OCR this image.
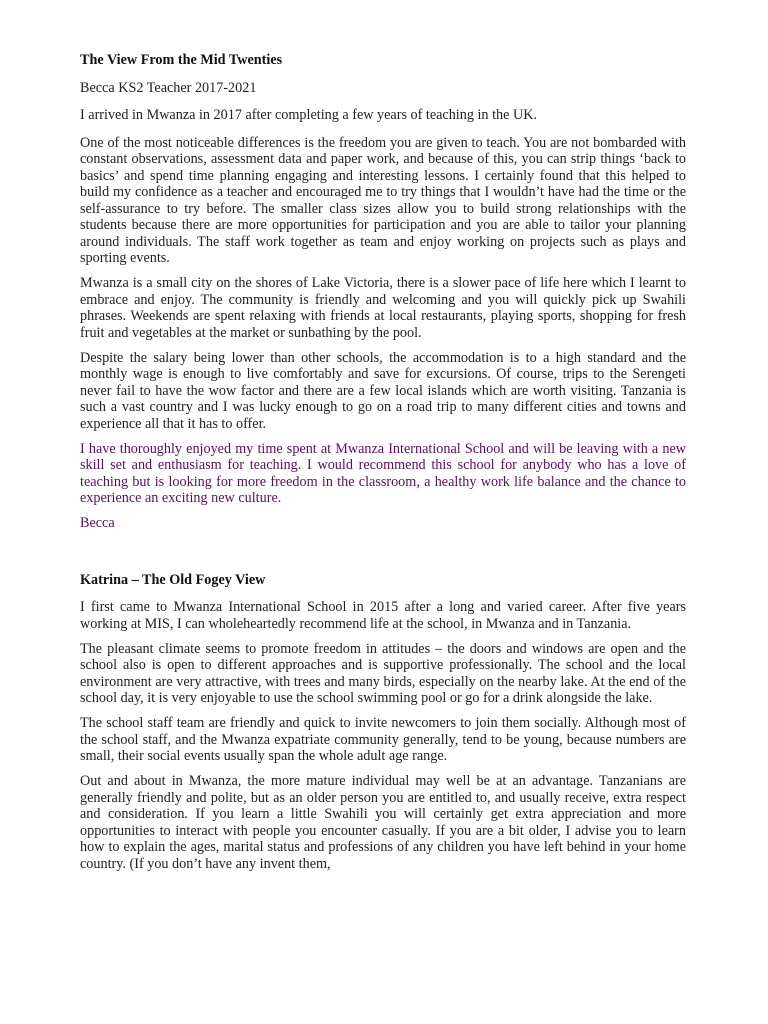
The View From the Mid Twenties

Becca KS2 Teacher 2017-2021

I arrived in Mwanza in 2017 after completing a few years of teaching in the UK.

One of the most noticeable differences is the freedom you are given to teach. You are not bombarded with constant observations, assessment data and paper work, and because of this, you can strip things ‘back to basics’ and spend time planning engaging and interesting lessons. I certainly found that this helped to build my confidence as a teacher and encouraged me to try things that I wouldn’t have had the time or the self-assurance to try before. The smaller class sizes allow you to build strong relationships with the students because there are more opportunities for participation and you are able to tailor your planning around individuals. The staff work together as team and enjoy working on projects such as plays and sporting events.

Mwanza is a small city on the shores of Lake Victoria, there is a slower pace of life here which I learnt to embrace and enjoy. The community is friendly and welcoming and you will quickly pick up Swahili phrases. Weekends are spent relaxing with friends at local restaurants, playing sports, shopping for fresh fruit and vegetables at the market or sunbathing by the pool.

Despite the salary being lower than other schools, the accommodation is to a high standard and the monthly wage is enough to live comfortably and save for excursions. Of course, trips to the Serengeti never fail to have the wow factor and there are a few local islands which are worth visiting. Tanzania is such a vast country and I was lucky enough to go on a road trip to many different cities and towns and experience all that it has to offer.

I have thoroughly enjoyed my time spent at Mwanza International School and will be leaving with a new skill set and enthusiasm for teaching. I would recommend this school for anybody who has a love of teaching but is looking for more freedom in the classroom, a healthy work life balance and the chance to experience an exciting new culture.

Becca

Katrina – The Old Fogey View

I first came to Mwanza International School in 2015 after a long and varied career. After five years working at MIS, I can wholeheartedly recommend life at the school, in Mwanza and in Tanzania.

The pleasant climate seems to promote freedom in attitudes – the doors and windows are open and the school also is open to different approaches and is supportive professionally. The school and the local environment are very attractive, with trees and many birds, especially on the nearby lake. At the end of the school day, it is very enjoyable to use the school swimming pool or go for a drink alongside the lake.

The school staff team are friendly and quick to invite newcomers to join them socially. Although most of the school staff, and the Mwanza expatriate community generally, tend to be young, because numbers are small, their social events usually span the whole adult age range.

Out and about in Mwanza, the more mature individual may well be at an advantage. Tanzanians are generally friendly and polite, but as an older person you are entitled to, and usually receive, extra respect and consideration. If you learn a little Swahili you will certainly get extra appreciation and more opportunities to interact with people you encounter casually. If you are a bit older, I advise you to learn how to explain the ages, marital status and professions of any children you have left behind in your home country. (If you don’t have any invent them,
